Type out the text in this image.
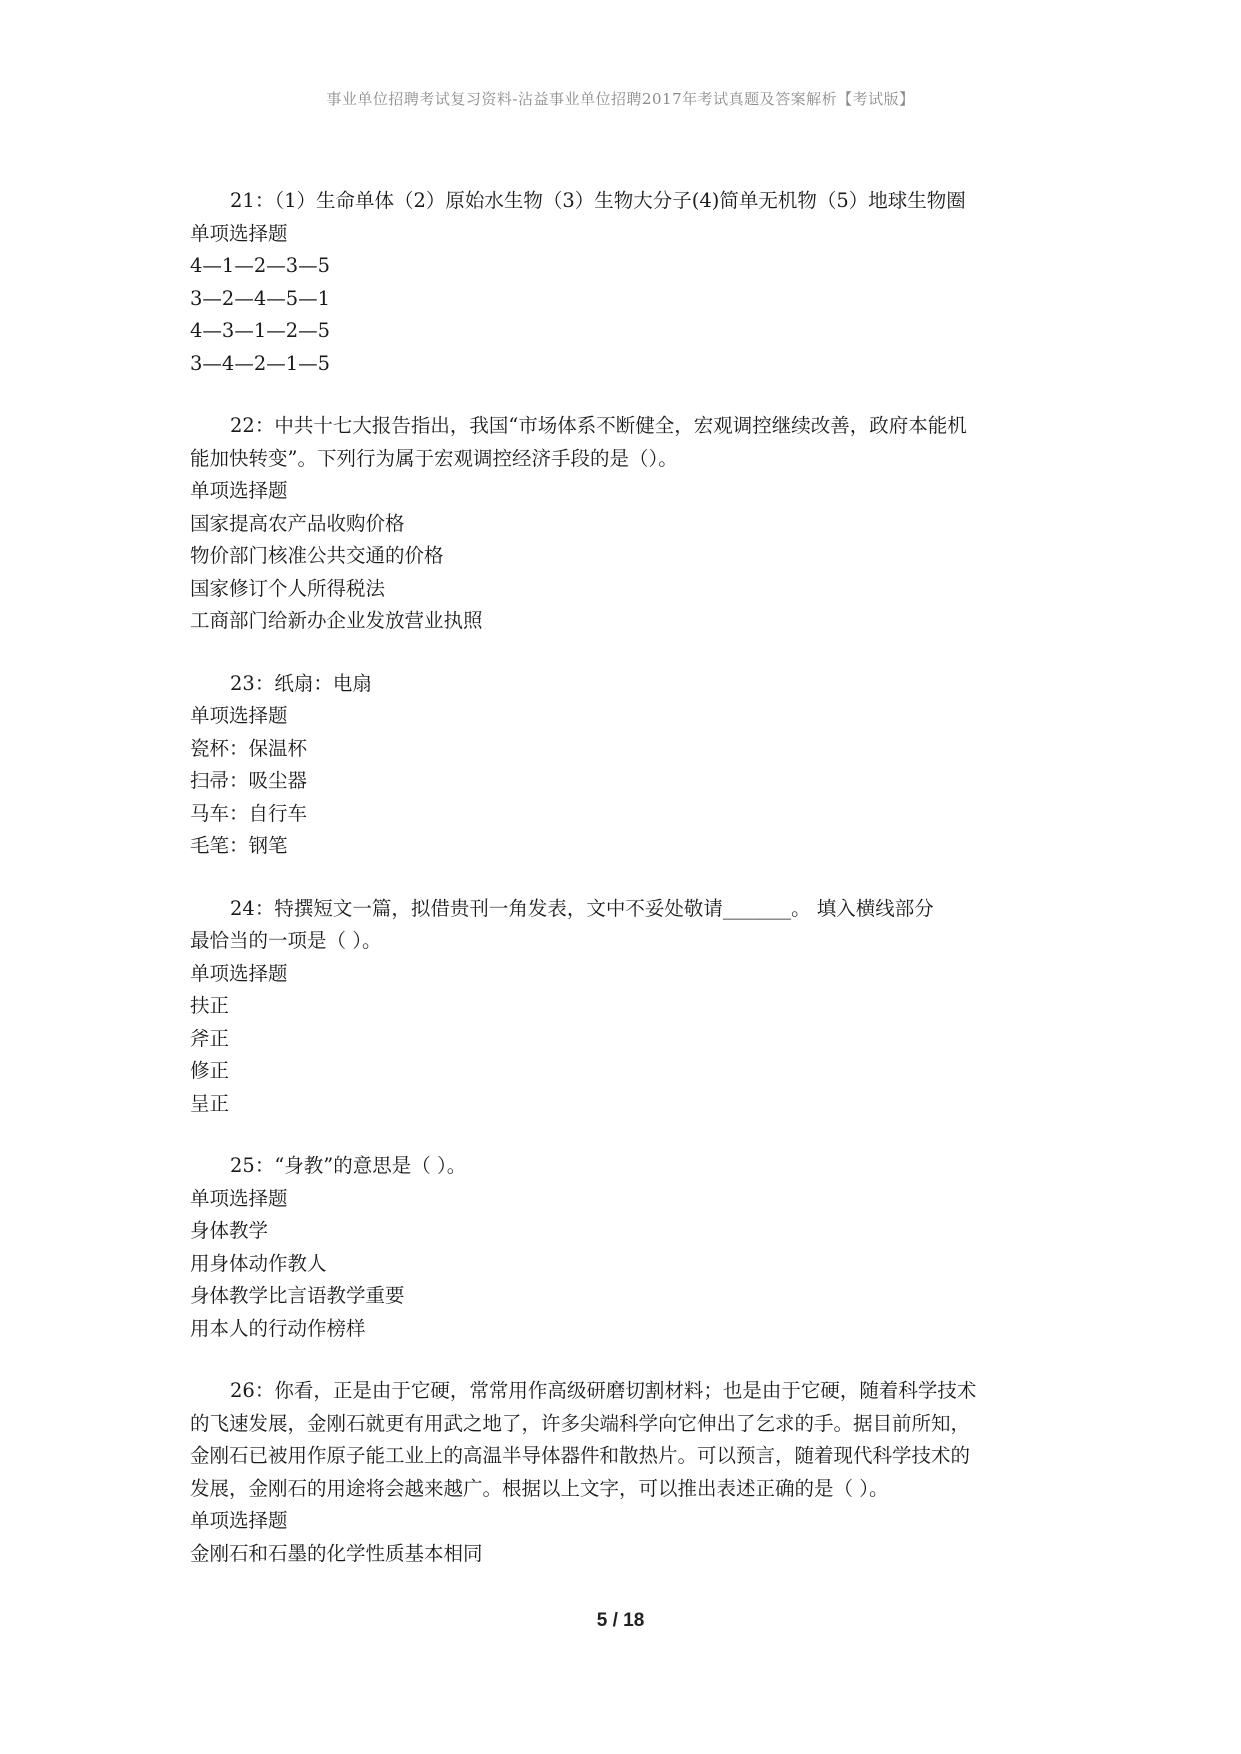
事业单位招聘考试复习资料-沾益事业单位招聘2017年考试真题及答案解析【考试版】
21：（1）生命单体（2）原始水生物（3）生物大分子(4)简单无机物（5）地球生物圈
单项选择题
4—1—2—3—5
3—2—4—5—1
4—3—1—2—5
3—4—2—1—5
22：中共十七大报告指出，我国“市场体系不断健全，宏观调控继续改善，政府本能机
能加快转变”。下列行为属于宏观调控经济手段的是（）。
单项选择题
国家提高农产品收购价格
物价部门核准公共交通的价格
国家修订个人所得税法
工商部门给新办企业发放营业执照
23：纸扇：电扇
单项选择题
瓷杯：保温杯
扫帚：吸尘器
马车：自行车
毛笔：钢笔
24：特撰短文一篇，拟借贵刊一角发表，文中不妥处敬请_______。 填入横线部分
最恰当的一项是（ ）。
单项选择题
扶正
斧正
修正
呈正
25：“身教”的意思是（ ）。
单项选择题
身体教学
用身体动作教人
身体教学比言语教学重要
用本人的行动作榜样
26：你看，正是由于它硬，常常用作高级研磨切割材料；也是由于它硬，随着科学技术
的飞速发展，金刚石就更有用武之地了，许多尖端科学向它伸出了乞求的手。据目前所知，
金刚石已被用作原子能工业上的高温半导体器件和散热片。可以预言，随着现代科学技术的
发展，金刚石的用途将会越来越广。根据以上文字，可以推出表述正确的是（ ）。
单项选择题
金刚石和石墨的化学性质基本相同
5 / 18
